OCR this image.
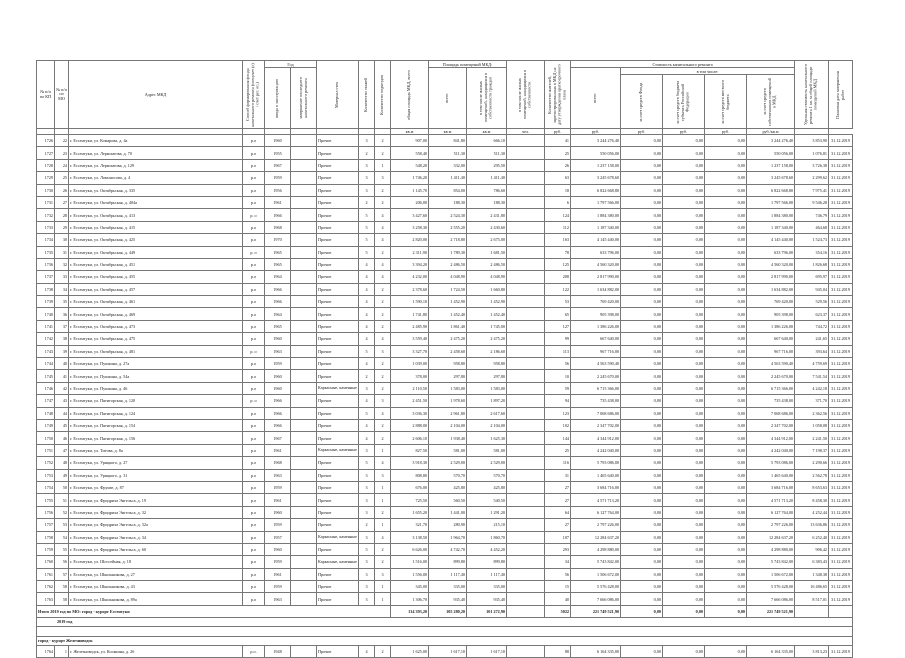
№ п/п по КП	№ п/п по МО	Адрес МКД	Способ формирования фонда капитального ремонта (спецсчет (с) / счет рег. оп.)	Год		Материал стен	Количество этажей	Количество подъездов	общая площадь МКД, всего	Площадь помещений МКД:		в том числе жилых помещений, находящихся в собственности	Количество жителей, зарегистрированных в МКД на дату утверждения краткосрочного плана	Стоимость капитального ремонта					Удельная стоимость капитального ремонта 1 кв. м общей площади помещений МКД	Плановая дата завершения работ

				ввода в эксплуатацию	завершение последнего капитального ремонта					всего	в том числе жилых помещений, находящихся в собственности граждан			всего	в том числе:					

															за счет средств Фонда	за счет средств бюджета субъекта Российской Федерации	за счет средств местного бюджета	за счет средств собственников помещений в МКД		

									кв.м	кв.м	кв.м	чел.	руб.	руб.	руб.	руб.	руб.	руб./кв.м		
1726	22	г. Ессентуки, ул. Комарова, д. 4а	р.о	1960		Прочие	3	2	907,00	841,80	666,10		41	3 244 276,40	0,00	0,00	0,00	3 244 276,40	3 853,90	31.12.2019
1727	23	г. Ессентуки, ул. Лермонтова, д. 70	р.о	1955		Прочие	2	2	558,40	511,30	511,30		25	550 056,00	0,00	0,00	0,00	550 056,00	1 076,81	31.12.2019
1728	24	г. Ессентуки, ул. Лермонтова, д. 129	р.о	1967		Прочие	3	1	548,20	332,00	295,50		26	1 237 158,00	0,00	0,00	0,00	1 237 158,00	3 726,38	31.12.2019
1729	25	г. Ессентуки, ул. Ломоносова, д. 4	р.о	1959		Прочие	3	3	1 746,20	1 411,40	1 411,40		63	3 245 678,60	0,00	0,00	0,00	3 245 678,60	2 299,62	31.12.2019
1730	26	г. Ессентуки, ул. Октябрьская, д. 335	р.о	1956		Прочие	3	2	1 145,70	854,00	786,60		18	6 822 668,80	0,00	0,00	0,00	6 822 668,80	7 975,41	31.12.2019
1731	27	г. Ессентуки, ул. Октябрьская, д. 404а	р.о	1961		Прочие	2	2	206,00	188,30	188,30		6	1 797 566,00	0,00	0,00	0,00	1 797 566,00	9 546,28	31.12.2019
1732	28	г. Ессентуки, ул. Октябрьская, д. 413	р. о	1966		Прочие	5	4	3 427,60	2 524,30	2 431,80		124	1 884 380,00	0,00	0,00	0,00	1 884 380,00	746,79	31.12.2019
1733	29	г. Ессентуки, ул. Октябрьская, д. 415	р.о	1968		Прочие	5	4	3 258,30	2 555,20	2 430,60		112	1 187 340,00	0,00	0,00	0,00	1 187 340,00	464,68	31.12.2019
1734	30	г. Ессентуки, ул. Октябрьская, д. 425	р.о	1970		Прочие	5	4	2 820,00	2 718,80	2 675,00		163	4 145 440,00	0,00	0,00	0,00	4 145 440,00	1 524,73	31.12.2019
1735	31	г. Ессентуки, ул. Октябрьская, д. 449	р. о	1965		Прочие	5	2	2 311,90	1 789,30	1 681,50		78	633 796,00	0,00	0,00	0,00	633 796,00	354,16	31.12.2019
1736	32	г. Ессентуки, ул. Октябрьская, д. 451	р.о	1965		Прочие	4	4	3 394,20	2 486,50	2 486,50		125	4 560 320,00	0,00	0,00	0,00	4 560 320,00	1 826,68	31.12.2019
1737	33	г. Ессентуки, ул. Октябрьская, д. 455	р.о	1964		Прочие	4	4	4 232,00	4 048,90	4 048,90		208	2 817 990,00	0,00	0,00	0,00	2 817 990,00	695,97	31.12.2019
1738	34	г. Ессентуки, ул. Октябрьская, д. 457	р.о	1966		Прочие	4	2	2 378,60	1 724,50	1 660,80		122	1 634 882,00	0,00	0,00	0,00	1 634 882,00	945,04	31.12.2019
1739	35	г. Ессентуки, ул. Октябрьская, д. 461	р.о	1966		Прочие	4	2	1 590,10	1 452,90	1 452,90		53	769 420,00	0,00	0,00	0,00	769 420,00	529,56	31.12.2019
1740	36	г. Ессентуки, ул. Октябрьская, д. 469	р.о	1964		Прочие	4	2	1 741,80	1 452,40	1 452,40		65	905 398,00	0,00	0,00	0,00	905 398,00	623,37	31.12.2019
1741	37	г. Ессентуки, ул. Октябрьская, д. 473	р.о	1965		Прочие	4	2	2 485,90	1 861,40	1 745,00		127	1 386 226,00	0,00	0,00	0,00	1 386 226,00	744,72	31.12.2019
1742	38	г. Ессентуки, ул. Октябрьская, д. 475	р.о	1960		Прочие	4	4	3 559,40	2 475,20	2 475,20		99	667 640,00	0,00	0,00	0,00	667 640,00	241,65	31.12.2019
1743	39	г. Ессентуки, ул. Октябрьская, д. 481	р. о	1963		Прочие	5	3	3 327,70	2 458,60	2 186,60		113	967 716,00	0,00	0,00	0,00	967 716,00	393,64	31.12.2019
1744	40	г. Ессентуки, ул. Пушкина, д. 27а	р.о	1959		Прочие	4	2	1 039,00	958,80	958,80		56	4 563 590,40	0,00	0,00	0,00	4 563 590,40	4 759,69	31.12.2019
1745	41	г. Ессентуки, ул. Пушкина, д. 54а	р.о	1960		Прочие	2	2	378,00	297,80	297,80		10	2 245 670,00	0,00	0,00	0,00	2 245 670,00	7 541,54	31.12.2019
1746	42	г. Ессентуки, ул. Пушкина, д. 46	р.о	1960		Каркасные, каменные	3	2	2 110,50	1 583,00	1 583,00		59	6 715 366,00	0,00	0,00	0,00	6 715 366,00	4 242,18	31.12.2019
1747	43	г. Ессентуки, ул. Пятигорская, д. 120	р. о	1966		Прочие	4	3	2 451,50	1 978,60	1 897,20		94	735 438,00	0,00	0,00	0,00	735 438,00	371,70	31.12.2019
1748	44	г. Ессентуки, ул. Пятигорская, д. 124	р.о	1966		Прочие	5	4	3 036,30	2 961,80	2 617,60		123	7 068 686,00	0,00	0,00	0,00	7 068 686,00	2 362,56	31.12.2019
1749	45	г. Ессентуки, ул. Пятигорская, д. 154	р.о	1966		Прочие	4	2	2 888,00	2 104,00	2 104,00		102	2 347 702,00	0,00	0,00	0,00	2 347 702,00	1 058,08	31.12.2019
1750	46	г. Ессентуки, ул. Пятигорская, д. 156	р.о	1967		Прочие	4	2	2 606,10	1 938,40	1 625,30		144	4 344 912,00	0,00	0,00	0,00	4 344 912,00	2 241,50	31.12.2019
1751	47	г. Ессентуки, ул. Титова, д. 8а	р.о	1961		Каркасные, каменные	3	1	827,50	581,00	581,00		25	4 242 040,00	0,00	0,00	0,00	4 242 040,00	7 198,37	31.12.2019
1752	48	г. Ессентуки, ул. Урицкого, д. 27	р.о	1968		Прочие	5	4	3 918,30	2 529,00	2 529,00		116	5 793 086,00	0,00	0,00	0,00	5 793 086,00	2 290,66	31.12.2019
1753	49	г. Ессентуки, ул. Урицкого, д. 31	р.о	1963		Прочие	3	3	808,80	570,70	570,70		31	1 465 640,00	0,00	0,00	0,00	1 465 640,00	2 562,78	31.12.2019
1754	50	г. Ессентуки, ул. Фрунзе, д. 87	р.о	1959		Прочие	3	1	676,00	425,80	425,80		27	3 684 716,00	0,00	0,00	0,00	3 684 716,00	8 653,63	31.12.2019
1755	51	г. Ессентуки, ул. Фридриха Энгельса, д. 19	р.о	1961		Прочие	3	1	725,50	560,50	540,50		27	4 571 713,20	0,00	0,00	0,00	4 571 713,20	8 458,30	31.12.2019
1756	52	г. Ессентуки, ул. Фридриха Энгельса, д. 32	р.о	1960		Прочие	3	2	1 655,20	1 441,00	1 291,20		64	6 127 764,00	0,00	0,00	0,00	6 127 764,00	4 252,44	31.12.2019
1757	53	г. Ессентуки, ул. Фридриха Энгельса, д. 32а	р.о	1959		Прочие	2	1	321,70	280,90	215,10		27	2 797 226,00	0,00	0,00	0,00	2 797 226,00	13 636,86	31.12.2019
1758	54	г. Ессентуки, ул. Фридриха Энгельса, д. 34	р.о	1957		Каркасные, каменные	3	4	3 138,50	1 964,70	1 860,70		107	12 284 637,20	0,00	0,00	0,00	12 284 637,20	6 252,40	31.12.2019
1759	55	г. Ессентуки, ул. Фридриха Энгельса, д. 60	р.о	1960		Прочие	5	2	6 626,00	4 742,70	4 452,20		293	4 298 880,00	0,00	0,00	0,00	4 298 880,00	906,42	31.12.2019
1760	56	г. Ессентуки, ул. Шоссейная, д. 18	р.о	1959		Каркасные, каменные	3	2	1 516,00	899,80	899,80		34	5 743 842,00	0,00	0,00	0,00	5 743 842,00	6 383,43	31.12.2019
1761	57	г. Ессентуки, ул. Школьникова, д. 27	р.о	1961		Прочие	3	3	1 556,00	1 117,40	1 117,40		56	1 506 672,00	0,00	0,00	0,00	1 506 672,00	1 348,38	31.12.2019
1762	58	г. Ессентуки, ул. Школьникова, д. 43	р.о	1959		Прочие	3	1	345,00	335,00	335,00		15	5 576 428,00	0,00	0,00	0,00	5 576 428,00	16 486,65	31.12.2019
1763	58	г. Ессентуки, ул. Школьникова, д. 89а	р.о	1963		Прочие	3	1	1 306,70	935,40	935,40		40	7 666 086,00	0,00	0,00	0,00	7 666 086,00	8 517,01	31.12.2019
Итого 2019 год по МО: город - курорт Ессентуки									134 393,20	105 280,20	101 272,90		5022	221 749 521,90	0,00	0,00	0,00	221 749 521,90		
2019 год																				

город - курорт Железноводск																				
1764	1	г. Железноводск, ул. Косякина, д. 26	р.о.	1948		Прочие	4	2	1 625,00	1 617,10	1 617,10		88	6 164 335,00	0,00	0,00	0,00	6 164 335,00	3 813,23	31.12.2019
